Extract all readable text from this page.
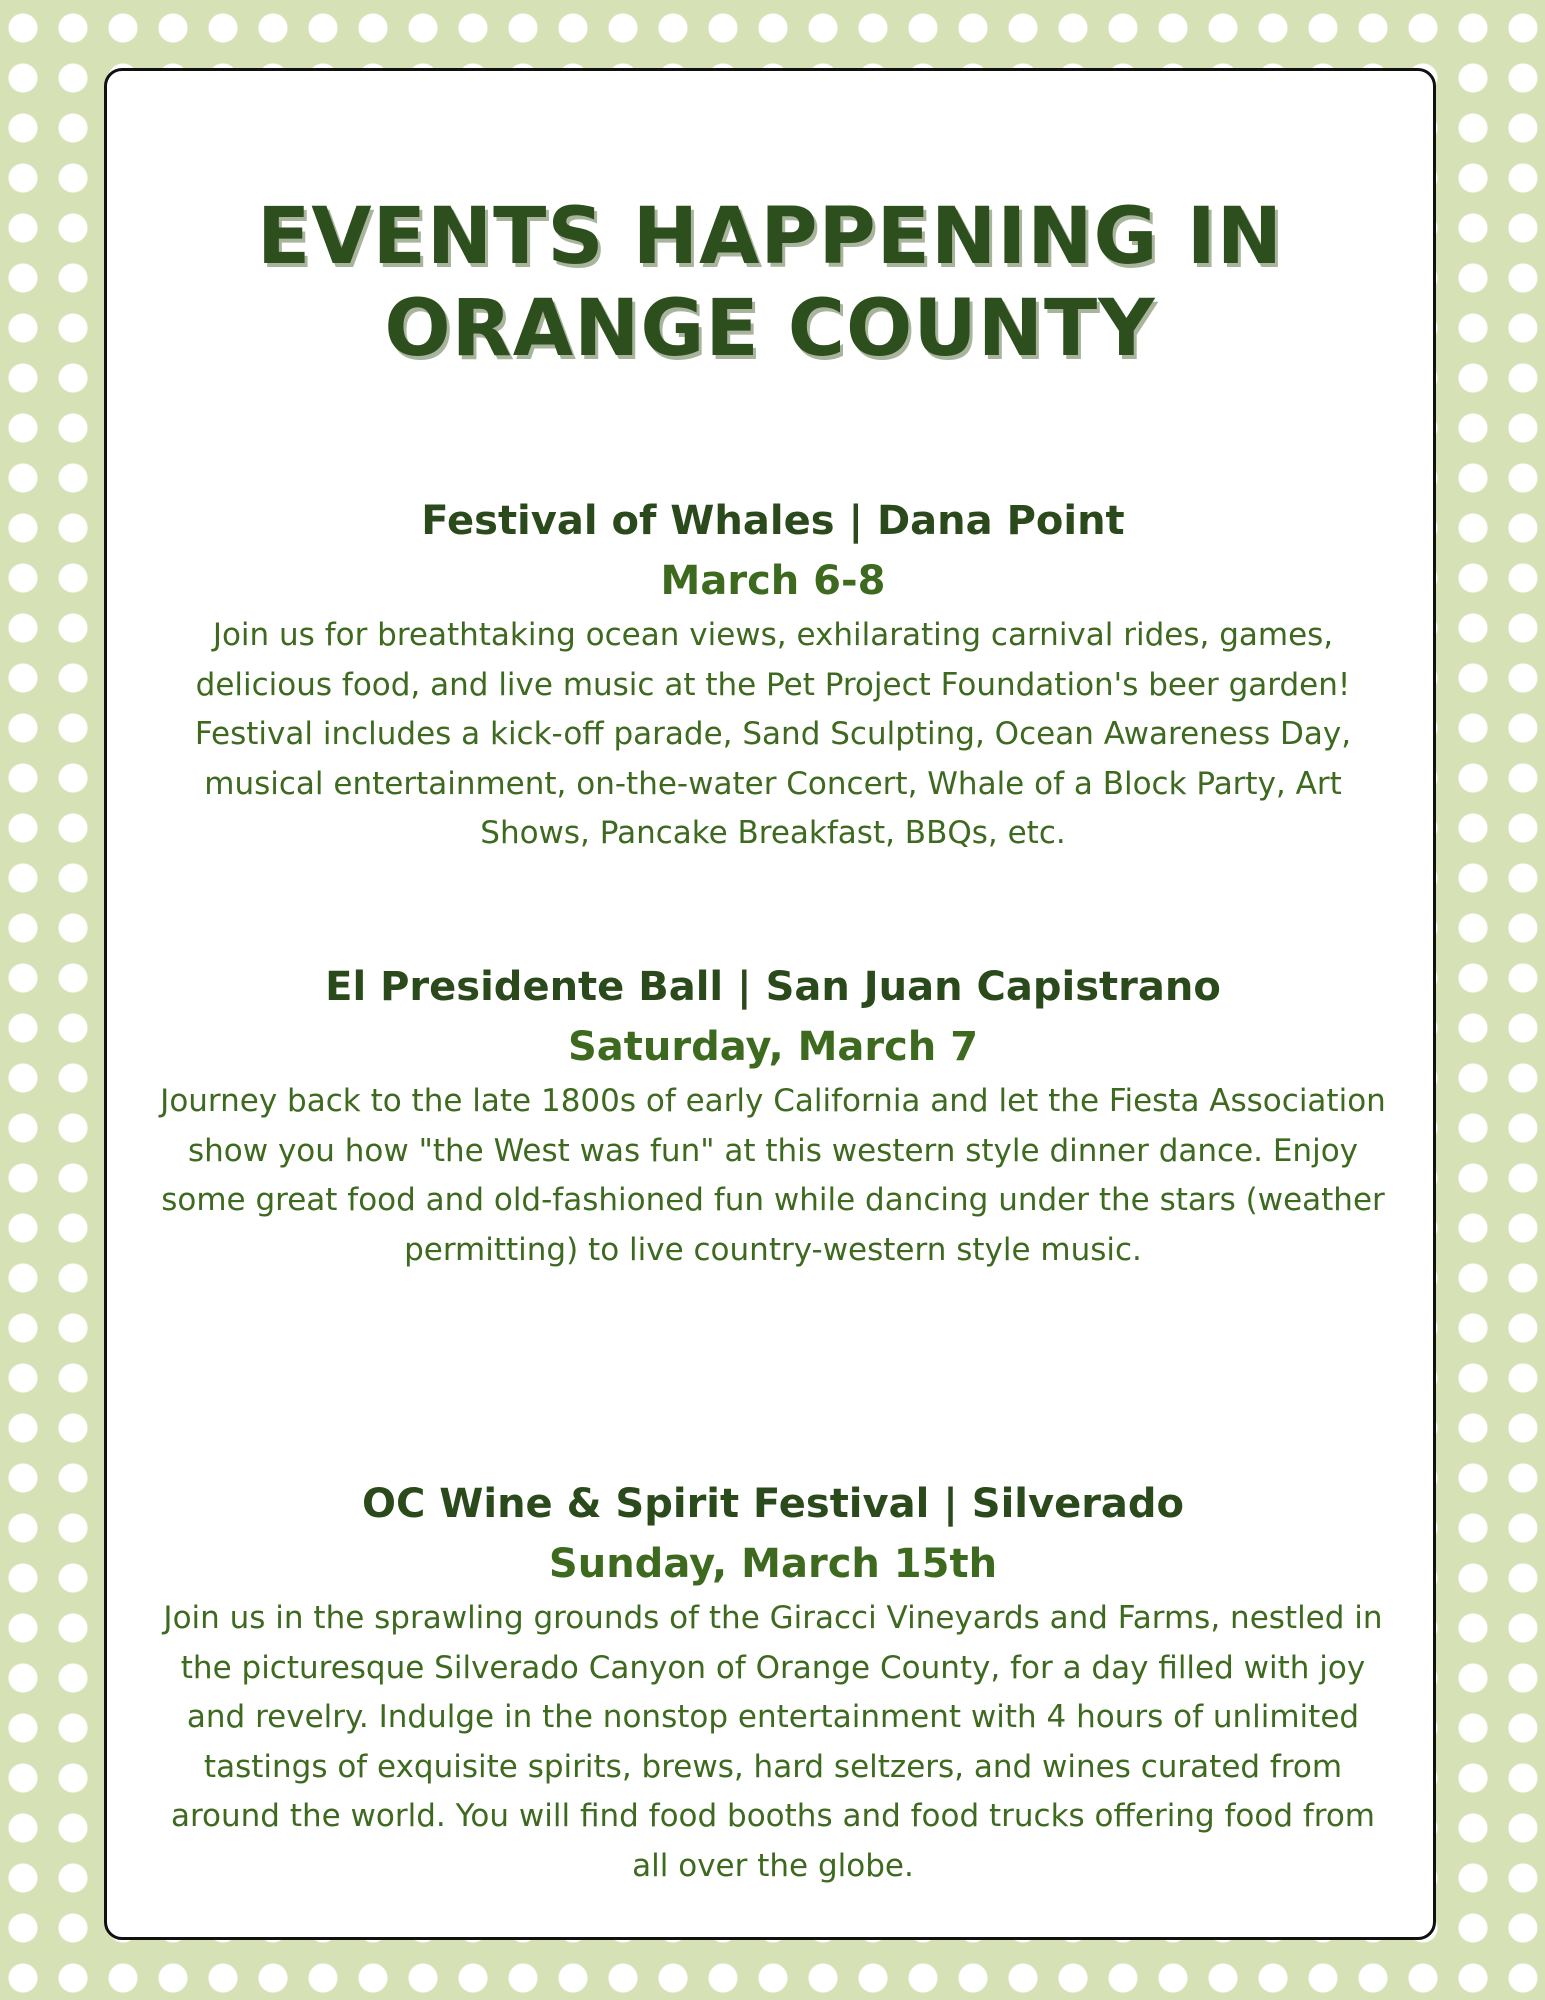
EVENTS HAPPENING IN
ORANGE COUNTY
Festival of Whales | Dana Point
March 6-8

Join us for breathtaking ocean views, exhilarating carnival rides, games, delicious food, and live music at the Pet Project Foundation's beer garden! Festival includes a kick-off parade, Sand Sculpting, Ocean Awareness Day, musical entertainment, on-the-water Concert, Whale of a Block Party, Art Shows, Pancake Breakfast, BBQs, etc.

El Presidente Ball | San Juan Capistrano
Saturday, March 7

Journey back to the late 1800s of early California and let the Fiesta Association show you how "the West was fun" at this western style dinner dance. Enjoy some great food and old-fashioned fun while dancing under the stars (weather permitting) to live country-western style music.

OC Wine & Spirit Festival | Silverado
Sunday, March 15th

Join us in the sprawling grounds of the Giracci Vineyards and Farms, nestled in the picturesque Silverado Canyon of Orange County, for a day filled with joy and revelry. Indulge in the nonstop entertainment with 4 hours of unlimited tastings of exquisite spirits, brews, hard seltzers, and wines curated from around the world. You will find food booths and food trucks offering food from all over the globe.
